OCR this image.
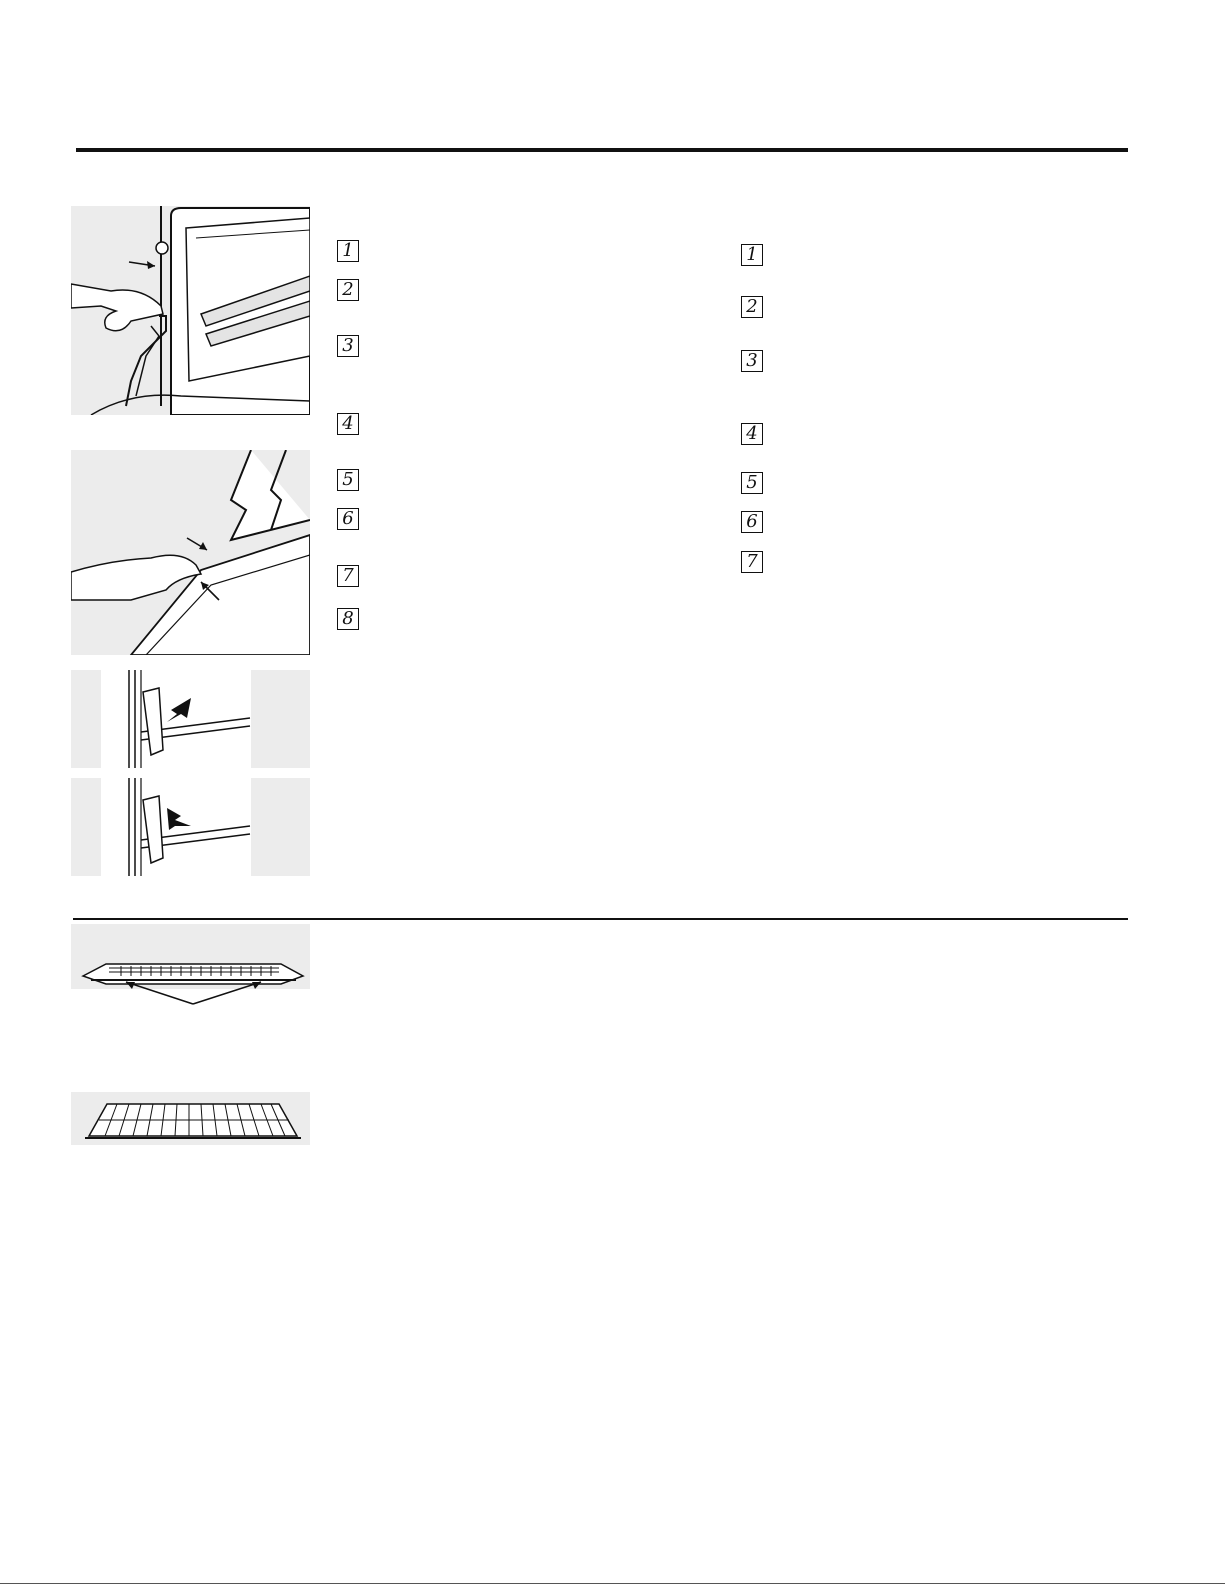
1
2
3
4
5
6
7
8
1
2
3
4
5
6
7
